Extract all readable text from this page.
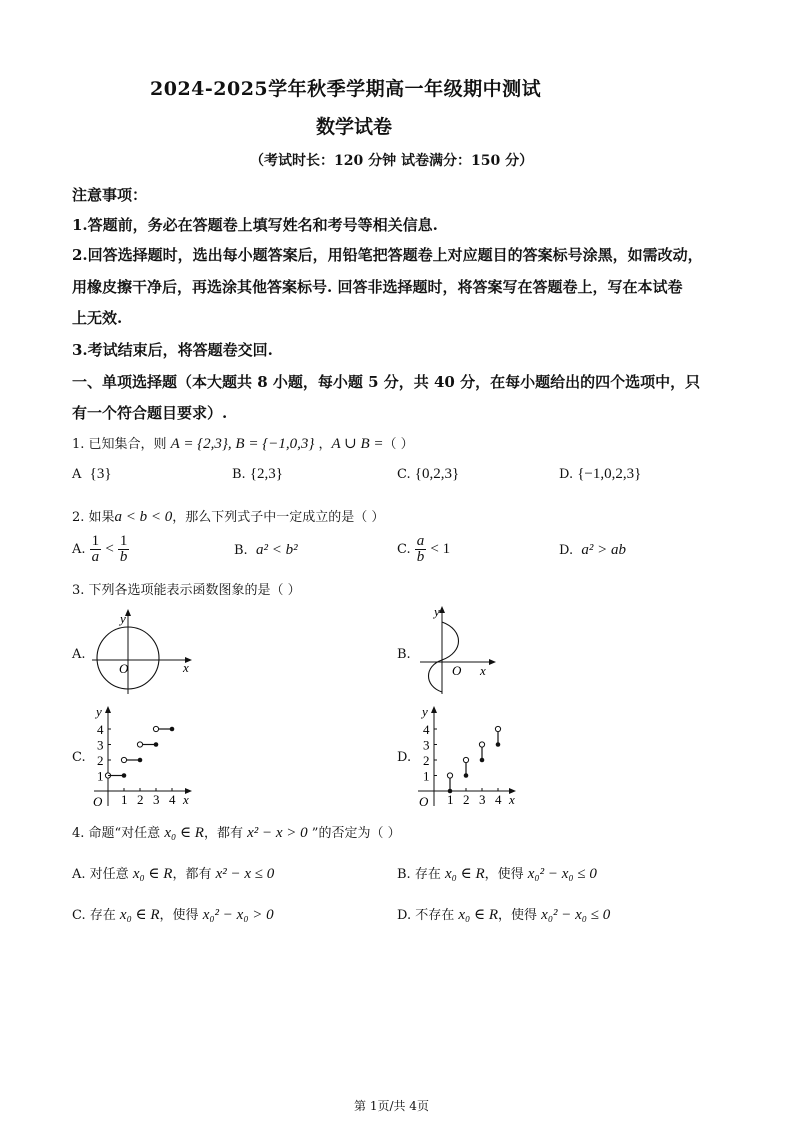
2024-2025学年秋季学期高一年级期中测试
数学试卷
（考试时长：120 分钟 试卷满分：150 分）
注意事项：
1.答题前，务必在答题卷上填写姓名和考号等相关信息.
2.回答选择题时，选出每小题答案后，用铅笔把答题卷上对应题目的答案标号涂黑，如需改动，
用橡皮擦干净后，再选涂其他答案标号. 回答非选择题时，将答案写在答题卷上，写在本试卷
上无效.
3.考试结束后，将答题卷交回.
一、单项选择题（本大题共 8 小题，每小题 5 分，共 40 分，在每小题给出的四个选项中，只
有一个符合题目要求）.
1. 已知集合，则 A = {2,3}, B = {−1,0,3} ，A ∪ B =（ ）
A {3}	B. {2,3}	C. {0,2,3}	D. {−1,0,2,3}
2. 如果a < b < 0，那么下列式子中一定成立的是（ ）
A. $\frac{1}{a} < \frac{1}{b}$	B. a² < b²	C. $\frac{a}{b} < 1$	D. a² > ab
3. 下列各选项能表示函数图象的是（ ）
A.
y
x
O
B.
y
x
O
C.
1
1
2
2
3
3
4
4
y
x
O
D.
1
1
2
2
3
3
4
4
y
x
O
4. 命题“对任意 x₀ ∈ R，都有 x² − x > 0 ”的否定为（ ）
A. 对任意 x₀ ∈ R，都有 x² − x ≤ 0	B. 存在 x₀ ∈ R，使得 x₀² − x₀ ≤ 0
C. 存在 x₀ ∈ R，使得 x₀² − x₀ > 0	D. 不存在 x₀ ∈ R，使得 x₀² − x₀ ≤ 0
第 1页/共 4页
